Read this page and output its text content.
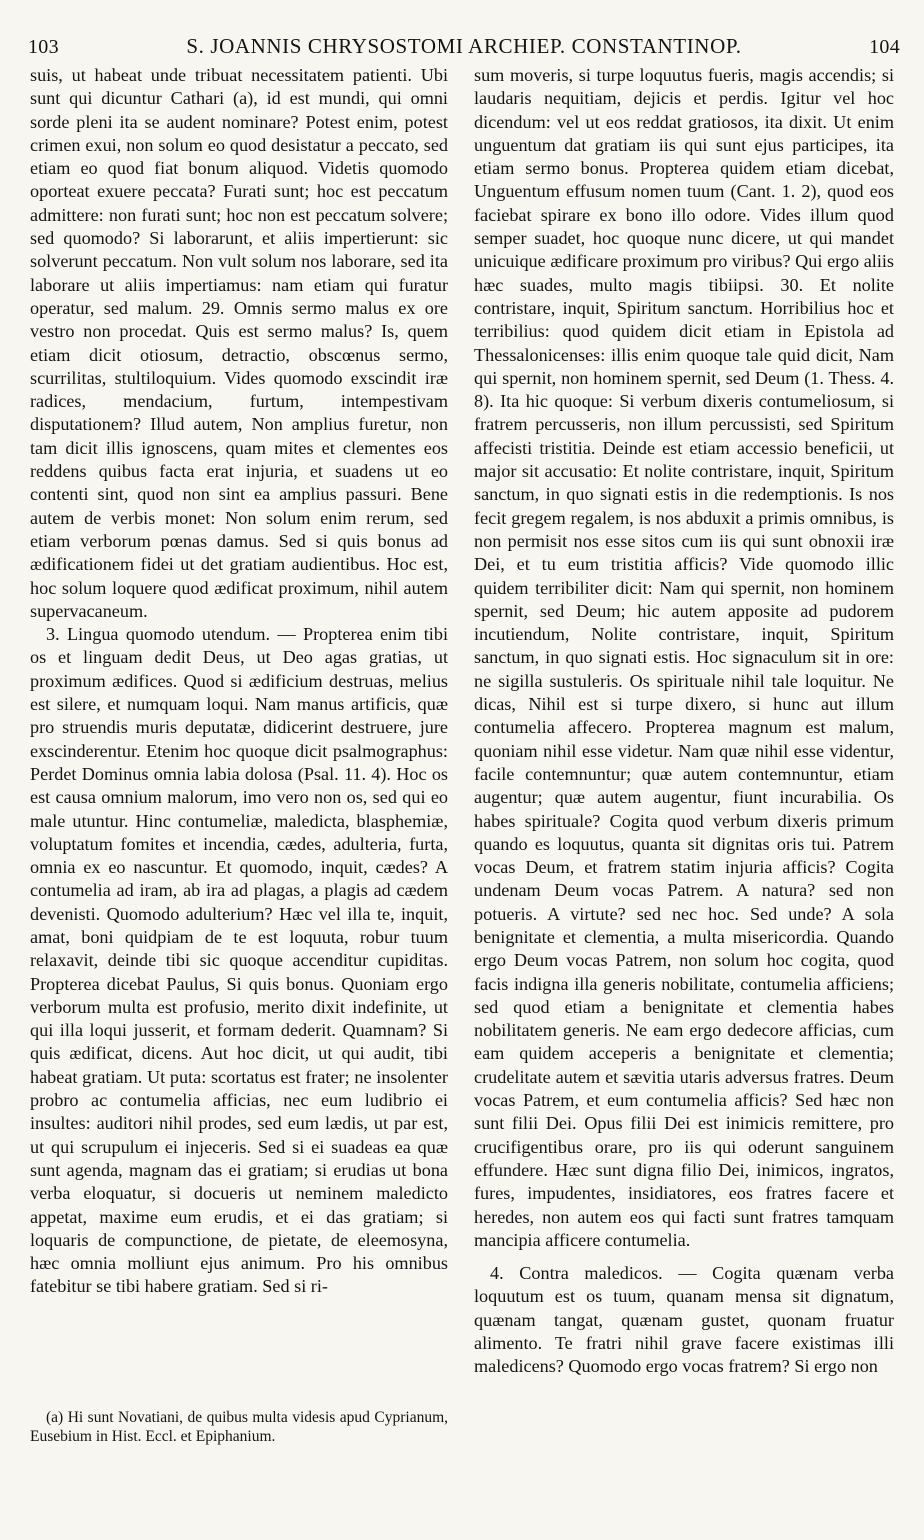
103	S. JOANNIS CHRYSOSTOMI ARCHIEP. CONSTANTINOP.	104

suis, ut habeat unde tribuat necessitatem patienti. Ubi sunt qui dicuntur Cathari (a), id est mundi, qui omni sorde pleni ita se audent nominare? Potest enim, potest crimen exui, non solum eo quod desistatur a peccato, sed etiam eo quod fiat bonum aliquod. Videtis quomodo oporteat exuere peccata? Furati sunt; hoc est peccatum admittere: non furati sunt; hoc non est peccatum solvere; sed quomodo? Si laborarunt, et aliis impertierunt: sic solverunt peccatum. Non vult solum nos laborare, sed ita laborare ut aliis impertiamus: nam etiam qui furatur operatur, sed malum. 29. Omnis sermo malus ex ore vestro non procedat. Quis est sermo malus? Is, quem etiam dicit otiosum, detractio, obscœnus sermo, scurrilitas, stultiloquium. Vides quomodo exscindit iræ radices, mendacium, furtum, intempestivam disputationem? Illud autem, Non amplius furetur, non tam dicit illis ignoscens, quam mites et clementes eos reddens quibus facta erat injuria, et suadens ut eo contenti sint, quod non sint ea amplius passuri. Bene autem de verbis monet: Non solum enim rerum, sed etiam verborum pœnas damus. Sed si quis bonus ad ædificationem fidei ut det gratiam audientibus. Hoc est, hoc solum loquere quod ædificat proximum, nihil autem supervacaneum.

3. Lingua quomodo utendum. — Propterea enim tibi os et linguam dedit Deus, ut Deo agas gratias, ut proximum ædifices. Quod si ædificium destruas, melius est silere, et numquam loqui. Nam manus artificis, quæ pro struendis muris deputatæ, didicerint destruere, jure exscinderentur. Etenim hoc quoque dicit psalmographus: Perdet Dominus omnia labia dolosa (Psal. 11. 4). Hoc os est causa omnium malorum, imo vero non os, sed qui eo male utuntur. Hinc contumeliæ, maledicta, blasphemiæ, voluptatum fomites et incendia, cædes, adulteria, furta, omnia ex eo nascuntur. Et quomodo, inquit, cædes? A contumelia ad iram, ab ira ad plagas, a plagis ad cædem devenisti. Quomodo adulterium? Hæc vel illa te, inquit, amat, boni quidpiam de te est loquuta, robur tuum relaxavit, deinde tibi sic quoque accenditur cupiditas. Propterea dicebat Paulus, Si quis bonus. Quoniam ergo verborum multa est profusio, merito dixit indefinite, ut qui illa loqui jusserit, et formam dederit. Quamnam? Si quis ædificat, dicens. Aut hoc dicit, ut qui audit, tibi habeat gratiam. Ut puta: scortatus est frater; ne insolenter probro ac contumelia afficias, nec eum ludibrio ei insultes: auditori nihil prodes, sed eum lædis, ut par est, ut qui scrupulum ei injeceris. Sed si ei suadeas ea quæ sunt agenda, magnam das ei gratiam; si erudias ut bona verba eloquatur, si docueris ut neminem maledicto appetat, maxime eum erudis, et ei das gratiam; si loquaris de compunctione, de pietate, de eleemosyna, hæc omnia molliunt ejus animum. Pro his omnibus fatebitur se tibi habere gratiam. Sed si ri-

(a) Hi sunt Novatiani, de quibus multa videsis apud Cyprianum, Eusebium in Hist. Eccl. et Epiphanium.

sum moveris, si turpe loquutus fueris, magis accendis; si laudaris nequitiam, dejicis et perdis. Igitur vel hoc dicendum: vel ut eos reddat gratiosos, ita dixit. Ut enim unguentum dat gratiam iis qui sunt ejus participes, ita etiam sermo bonus. Propterea quidem etiam dicebat, Unguentum effusum nomen tuum (Cant. 1. 2), quod eos faciebat spirare ex bono illo odore. Vides illum quod semper suadet, hoc quoque nunc dicere, ut qui mandet unicuique ædificare proximum pro viribus? Qui ergo aliis hæc suades, multo magis tibiipsi. 30. Et nolite contristare, inquit, Spiritum sanctum. Horribilius hoc et terribilius: quod quidem dicit etiam in Epistola ad Thessalonicenses: illis enim quoque tale quid dicit, Nam qui spernit, non hominem spernit, sed Deum (1. Thess. 4. 8). Ita hic quoque: Si verbum dixeris contumeliosum, si fratrem percusseris, non illum percussisti, sed Spiritum affecisti tristitia. Deinde est etiam accessio beneficii, ut major sit accusatio: Et nolite contristare, inquit, Spiritum sanctum, in quo signati estis in die redemptionis. Is nos fecit gregem regalem, is nos abduxit a primis omnibus, is non permisit nos esse sitos cum iis qui sunt obnoxii iræ Dei, et tu eum tristitia afficis? Vide quomodo illic quidem terribiliter dicit: Nam qui spernit, non hominem spernit, sed Deum; hic autem apposite ad pudorem incutiendum, Nolite contristare, inquit, Spiritum sanctum, in quo signati estis. Hoc signaculum sit in ore: ne sigilla sustuleris. Os spirituale nihil tale loquitur. Ne dicas, Nihil est si turpe dixero, si hunc aut illum contumelia affecero. Propterea magnum est malum, quoniam nihil esse videtur. Nam quæ nihil esse videntur, facile contemnuntur; quæ autem contemnuntur, etiam augentur; quæ autem augentur, fiunt incurabilia. Os habes spirituale? Cogita quod verbum dixeris primum quando es loquutus, quanta sit dignitas oris tui. Patrem vocas Deum, et fratrem statim injuria afficis? Cogita undenam Deum vocas Patrem. A natura? sed non potueris. A virtute? sed nec hoc. Sed unde? A sola benignitate et clementia, a multa misericordia. Quando ergo Deum vocas Patrem, non solum hoc cogita, quod facis indigna illa generis nobilitate, contumelia afficiens; sed quod etiam a benignitate et clementia habes nobilitatem generis. Ne eam ergo dedecore afficias, cum eam quidem acceperis a benignitate et clementia; crudelitate autem et sævitia utaris adversus fratres. Deum vocas Patrem, et eum contumelia afficis? Sed hæc non sunt filii Dei. Opus filii Dei est inimicis remittere, pro crucifigentibus orare, pro iis qui oderunt sanguinem effundere. Hæc sunt digna filio Dei, inimicos, ingratos, fures, impudentes, insidiatores, eos fratres facere et heredes, non autem eos qui facti sunt fratres tamquam mancipia afficere contumelia.

4. Contra maledicos. — Cogita quænam verba loquutum est os tuum, quanam mensa sit dignatum, quænam tangat, quænam gustet, quonam fruatur alimento. Te fratri nihil grave facere existimas illi maledicens? Quomodo ergo vocas fratrem? Si ergo non
